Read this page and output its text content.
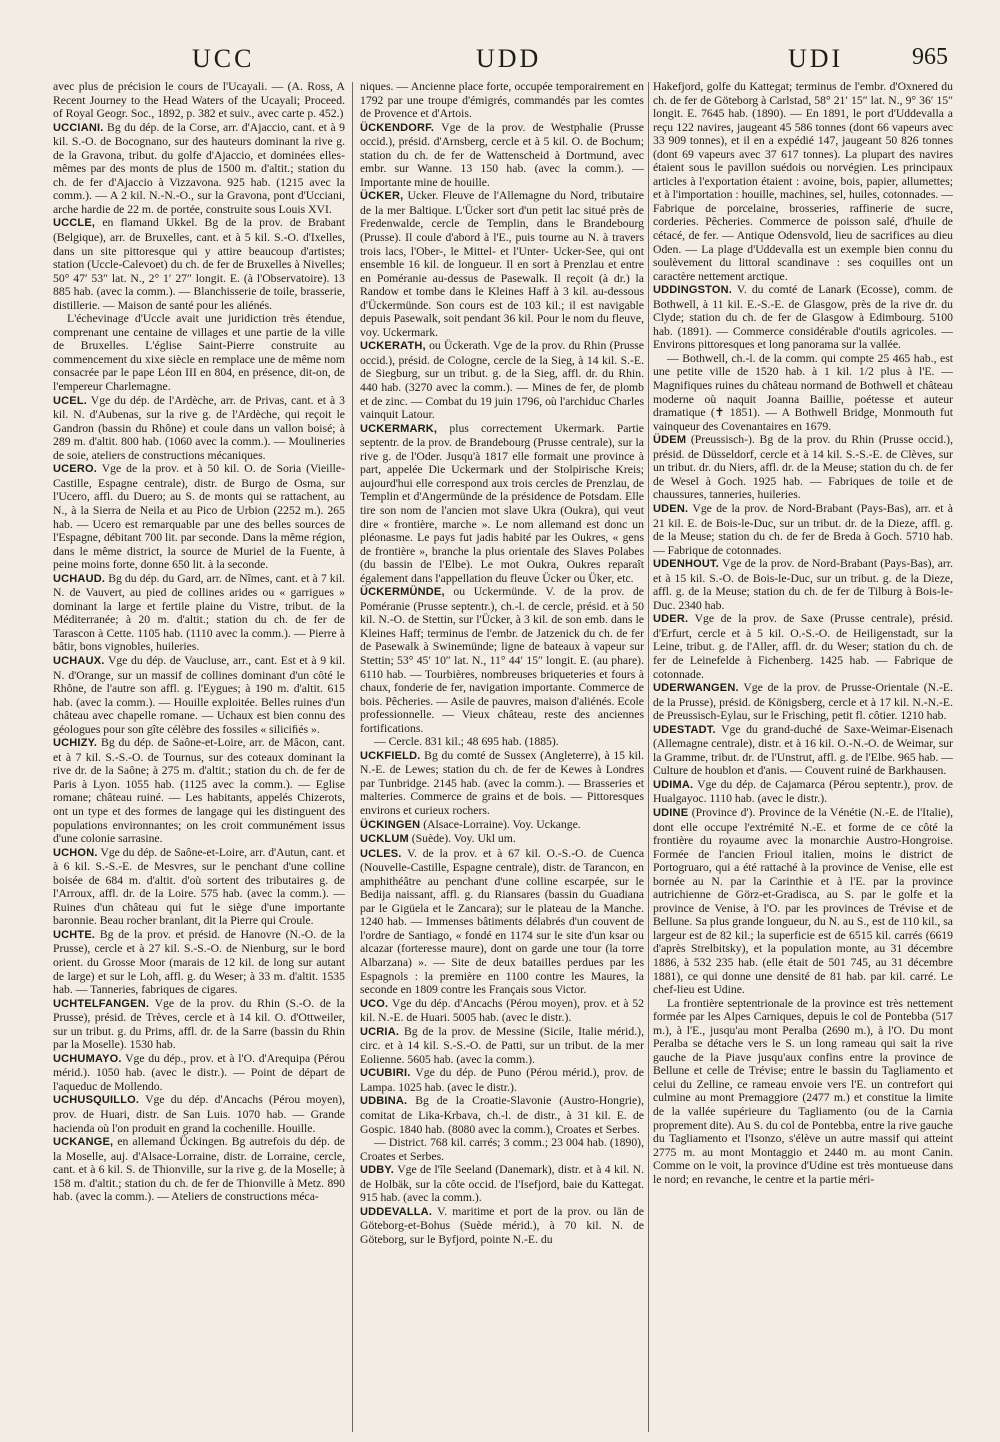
UCC	UDD	UDI	965

avec plus de précision le cours de l'Ucayali. — (A. Ross, A Recent Journey to the Head Waters of the Ucayali; Proceed. of Royal Geogr. Soc., 1892, p. 382 et suiv., avec carte p. 452.)

UCCIANI. Bg du dép. de la Corse, arr. d'Ajaccio, cant. et à 9 kil. S.-O. de Bocognano, sur des hauteurs dominant la rive g. de la Gravona, tribut. du golfe d'Ajaccio, et dominées elles-mêmes par des monts de plus de 1500 m. d'altit.; station du ch. de fer d'Ajaccio à Vizzavona. 925 hab. (1215 avec la comm.). — A 2 kil. N.-N.-O., sur la Gravona, pont d'Ucciani, arche hardie de 22 m. de portée, construite sous Louis XVI.

UCCLE, en flamand Ukkel. Bg de la prov. de Brabant (Belgique), arr. de Bruxelles, cant. et à 5 kil. S.-O. d'Ixelles, dans un site pittoresque qui y attire beaucoup d'artistes; station (Uccle-Calevoet) du ch. de fer de Bruxelles à Nivelles; 50° 47′ 53″ lat. N., 2° 1′ 27″ longit. E. (à l'Observatoire). 13 885 hab. (avec la comm.). — Blanchisserie de toile, brasserie, distillerie. — Maison de santé pour les aliénés.

L'échevinage d'Uccle avait une juridiction très étendue, comprenant une centaine de villages et une partie de la ville de Bruxelles. L'église Saint-Pierre construite au commencement du xixe siècle en remplace une de même nom consacrée par le pape Léon III en 804, en présence, dit-on, de l'empereur Charlemagne.

UCEL. Vge du dép. de l'Ardèche, arr. de Privas, cant. et à 3 kil. N. d'Aubenas, sur la rive g. de l'Ardèche, qui reçoit le Gandron (bassin du Rhône) et coule dans un vallon boisé; à 289 m. d'altit. 800 hab. (1060 avec la comm.). — Moulineries de soie, ateliers de constructions mécaniques.

UCERO. Vge de la prov. et à 50 kil. O. de Soria (Vieille-Castille, Espagne centrale), distr. de Burgo de Osma, sur l'Ucero, affl. du Duero; au S. de monts qui se rattachent, au N., à la Sierra de Neila et au Pico de Urbion (2252 m.). 265 hab. — Ucero est remarquable par une des belles sources de l'Espagne, débitant 700 lit. par seconde. Dans la même région, dans le même district, la source de Muriel de la Fuente, à peine moins forte, donne 650 lit. à la seconde.

UCHAUD. Bg du dép. du Gard, arr. de Nîmes, cant. et à 7 kil. N. de Vauvert, au pied de collines arides ou « garrigues » dominant la large et fertile plaine du Vistre, tribut. de la Méditerranée; à 20 m. d'altit.; station du ch. de fer de Tarascon à Cette. 1105 hab. (1110 avec la comm.). — Pierre à bâtir, bons vignobles, huileries.

UCHAUX. Vge du dép. de Vaucluse, arr., cant. Est et à 9 kil. N. d'Orange, sur un massif de collines dominant d'un côté le Rhône, de l'autre son affl. g. l'Eygues; à 190 m. d'altit. 615 hab. (avec la comm.). — Houille exploitée. Belles ruines d'un château avec chapelle romane. — Uchaux est bien connu des géologues pour son gîte célèbre des fossiles « siliciﬁés ».

UCHIZY. Bg du dép. de Saône-et-Loire, arr. de Mâcon, cant. et à 7 kil. S.-S.-O. de Tournus, sur des coteaux dominant la rive dr. de la Saône; à 275 m. d'altit.; station du ch. de fer de Paris à Lyon. 1055 hab. (1125 avec la comm.). — Eglise romane; château ruiné. — Les habitants, appelés Chizerots, ont un type et des formes de langage qui les distinguent des populations environnantes; on les croit communément issus d'une colonie sarrasine.

UCHON. Vge du dép. de Saône-et-Loire, arr. d'Autun, cant. et à 6 kil. S.-S.-E. de Mesvres, sur le penchant d'une colline boisée de 684 m. d'altit. d'où sortent des tributaires g. de l'Arroux, affl. dr. de la Loire. 575 hab. (avec la comm.). — Ruines d'un château qui fut le siège d'une importante baronnie. Beau rocher branlant, dit la Pierre qui Croule.

UCHTE. Bg de la prov. et présid. de Hanovre (N.-O. de la Prusse), cercle et à 27 kil. S.-S.-O. de Nienburg, sur le bord orient. du Grosse Moor (marais de 12 kil. de long sur autant de large) et sur le Loh, affl. g. du Weser; à 33 m. d'altit. 1535 hab. — Tanneries, fabriques de cigares.

UCHTELFANGEN. Vge de la prov. du Rhin (S.-O. de la Prusse), présid. de Trèves, cercle et à 14 kil. O. d'Ottweiler, sur un tribut. g. du Prims, affl. dr. de la Sarre (bassin du Rhin par la Moselle). 1530 hab.

UCHUMAYO. Vge du dép., prov. et à l'O. d'Arequipa (Pérou mérid.). 1050 hab. (avec le distr.). — Point de départ de l'aqueduc de Mollendo.

UCHUSQUILLO. Vge du dép. d'Ancachs (Pérou moyen), prov. de Huari, distr. de San Luis. 1070 hab. — Grande hacienda où l'on produit en grand la cochenille. Houille.

UCKANGE, en allemand Ückingen. Bg autrefois du dép. de la Moselle, auj. d'Alsace-Lorraine, distr. de Lorraine, cercle, cant. et à 6 kil. S. de Thionville, sur la rive g. de la Moselle; à 158 m. d'altit.; station du ch. de fer de Thionville à Metz. 890 hab. (avec la comm.). — Ateliers de constructions méca-

niques. — Ancienne place forte, occupée temporairement en 1792 par une troupe d'émigrés, commandés par les comtes de Provence et d'Artois.

ÜCKENDORF. Vge de la prov. de Westphalie (Prusse occid.), présid. d'Arnsberg, cercle et à 5 kil. O. de Bochum; station du ch. de fer de Wattenscheid à Dortmund, avec embr. sur Wanne. 13 150 hab. (avec la comm.). — Importante mine de houille.

ÜCKER, Ucker. Fleuve de l'Allemagne du Nord, tributaire de la mer Baltique. L'Ücker sort d'un petit lac situé près de Fredenwalde, cercle de Templin, dans le Brandebourg (Prusse). Il coule d'abord à l'E., puis tourne au N. à travers trois lacs, l'Ober-, le Mittel- et l'Unter- Ucker-See, qui ont ensemble 16 kil. de longueur. Il en sort à Prenzlau et entre en Poméranie au-dessus de Pasewalk. Il reçoit (à dr.) la Randow et tombe dans le Kleines Haff à 3 kil. au-dessous d'Ückermünde. Son cours est de 103 kil.; il est navigable depuis Pasewalk, soit pendant 36 kil. Pour le nom du fleuve, voy. Uckermark.

UCKERATH, ou Ückerath. Vge de la prov. du Rhin (Prusse occid.), présid. de Cologne, cercle de la Sieg, à 14 kil. S.-E. de Siegburg, sur un tribut. g. de la Sieg, affl. dr. du Rhin. 440 hab. (3270 avec la comm.). — Mines de fer, de plomb et de zinc. — Combat du 19 juin 1796, où l'archiduc Charles vainquit Latour.

UCKERMARK, plus correctement Ukermark. Partie septentr. de la prov. de Brandebourg (Prusse centrale), sur la rive g. de l'Oder. Jusqu'à 1817 elle formait une province à part, appelée Die Uckermark und der Stolpirische Kreis; aujourd'hui elle correspond aux trois cercles de Prenzlau, de Templin et d'Angermünde de la présidence de Potsdam. Elle tire son nom de l'ancien mot slave Ukra (Oukra), qui veut dire « frontière, marche ». Le nom allemand est donc un pléonasme. Le pays fut jadis habité par les Oukres, « gens de frontière », branche la plus orientale des Slaves Polabes (du bassin de l'Elbe). Le mot Oukra, Oukres reparaît également dans l'appellation du fleuve Ücker ou Üker, etc.

ÜCKERMÜNDE, ou Uckermünde. V. de la prov. de Poméranie (Prusse septentr.), ch.-l. de cercle, présid. et à 50 kil. N.-O. de Stettin, sur l'Ücker, à 3 kil. de son emb. dans le Kleines Haff; terminus de l'embr. de Jatzenick du ch. de fer de Pasewalk à Swinemünde; ligne de bateaux à vapeur sur Stettin; 53° 45′ 10″ lat. N., 11° 44′ 15″ longit. E. (au phare). 6110 hab. — Tourbières, nombreuses briqueteries et fours à chaux, fonderie de fer, navigation importante. Commerce de bois. Pêcheries. — Asile de pauvres, maison d'aliénés. Ecole professionnelle. — Vieux château, reste des anciennes fortifications.

— Cercle. 831 kil.; 48 695 hab. (1885).

UCKFIELD. Bg du comté de Sussex (Angleterre), à 15 kil. N.-E. de Lewes; station du ch. de fer de Kewes à Londres par Tunbridge. 2145 hab. (avec la comm.). — Brasseries et malteries. Commerce de grains et de bois. — Pittoresques environs et curieux rochers.

ÜCKINGEN (Alsace-Lorraine). Voy. Uckange.

UCKLUM (Suède). Voy. Ukl um.

UCLES. V. de la prov. et à 67 kil. O.-S.-O. de Cuenca (Nouvelle-Castille, Espagne centrale), distr. de Tarancon, en amphithéâtre au penchant d'une colline escarpée, sur le Bedija naissant, affl. g. du Riansares (bassin du Guadiana par le Gigüela et le Zancara); sur le plateau de la Manche. 1240 hab. — Immenses bâtiments délabrés d'un couvent de l'ordre de Santiago, « fondé en 1174 sur le site d'un ksar ou alcazar (forteresse maure), dont on garde une tour (la torre Albarzana) ». — Site de deux batailles perdues par les Espagnols : la première en 1100 contre les Maures, la seconde en 1809 contre les Français sous Victor.

UCO. Vge du dép. d'Ancachs (Pérou moyen), prov. et à 52 kil. N.-E. de Huari. 5005 hab. (avec le distr.).

UCRIA. Bg de la prov. de Messine (Sicile, Italie mérid.), circ. et à 14 kil. S.-S.-O. de Patti, sur un tribut. de la mer Eolienne. 5605 hab. (avec la comm.).

UCUBIRI. Vge du dép. de Puno (Pérou mérid.), prov. de Lampa. 1025 hab. (avec le distr.).

UDBINA. Bg de la Croatie-Slavonie (Austro-Hongrie), comitat de Lika-Krbava, ch.-l. de distr., à 31 kil. E. de Gospic. 1840 hab. (8080 avec la comm.), Croates et Serbes.

— District. 768 kil. carrés; 3 comm.; 23 004 hab. (1890), Croates et Serbes.

UDBY. Vge de l'île Seeland (Danemark), distr. et à 4 kil. N. de Holbäk, sur la côte occid. de l'Isefjord, baie du Kattegat. 915 hab. (avec la comm.).

UDDEVALLA. V. maritime et port de la prov. ou län de Göteborg-et-Bohus (Suède mérid.), à 70 kil. N. de Göteborg, sur le Byfjord, pointe N.-E. du

Hakefjord, golfe du Kattegat; terminus de l'embr. d'Oxnered du ch. de fer de Göteborg à Carlstad, 58° 21′ 15″ lat. N., 9° 36′ 15″ longit. E. 7645 hab. (1890). — En 1891, le port d'Uddevalla a reçu 122 navires, jaugeant 45 586 tonnes (dont 66 vapeurs avec 33 909 tonnes), et il en a expédié 147, jaugeant 50 826 tonnes (dont 69 vapeurs avec 37 617 tonnes). La plupart des navires étaient sous le pavillon suédois ou norvégien. Les principaux articles à l'exportation étaient : avoine, bois, papier, allumettes; et à l'importation : houille, machines, sel, huiles, cotonnades. — Fabrique de porcelaine, brosseries, raffinerie de sucre, corderies. Pêcheries. Commerce de poisson salé, d'huile de cétacé, de fer. — Antique Odensvold, lieu de sacrifices au dieu Oden. — La plage d'Uddevalla est un exemple bien connu du soulèvement du littoral scandinave : ses coquilles ont un caractère nettement arctique.

UDDINGSTON. V. du comté de Lanark (Ecosse), comm. de Bothwell, à 11 kil. E.-S.-E. de Glasgow, près de la rive dr. du Clyde; station du ch. de fer de Glasgow à Edimbourg. 5100 hab. (1891). — Commerce considérable d'outils agricoles. — Environs pittoresques et long panorama sur la vallée.

— Bothwell, ch.-l. de la comm. qui compte 25 465 hab., est une petite ville de 1520 hab. à 1 kil. 1/2 plus à l'E. — Magnifiques ruines du château normand de Bothwell et château moderne où naquit Joanna Baillie, poétesse et auteur dramatique (✝ 1851). — A Bothwell Bridge, Monmouth fut vainqueur des Covenantaires en 1679.

ÜDEM (Preussisch-). Bg de la prov. du Rhin (Prusse occid.), présid. de Düsseldorf, cercle et à 14 kil. S.-S.-E. de Clèves, sur un tribut. dr. du Niers, affl. dr. de la Meuse; station du ch. de fer de Wesel à Goch. 1925 hab. — Fabriques de toile et de chaussures, tanneries, huileries.

UDEN. Vge de la prov. de Nord-Brabant (Pays-Bas), arr. et à 21 kil. E. de Bois-le-Duc, sur un tribut. dr. de la Dieze, affl. g. de la Meuse; station du ch. de fer de Breda à Goch. 5710 hab. — Fabrique de cotonnades.

UDENHOUT. Vge de la prov. de Nord-Brabant (Pays-Bas), arr. et à 15 kil. S.-O. de Bois-le-Duc, sur un tribut. g. de la Dieze, affl. g. de la Meuse; station du ch. de fer de Tilburg à Bois-le-Duc. 2340 hab.

UDER. Vge de la prov. de Saxe (Prusse centrale), présid. d'Erfurt, cercle et à 5 kil. O.-S.-O. de Heiligenstadt, sur la Leine, tribut. g. de l'Aller, affl. dr. du Weser; station du ch. de fer de Leinefelde à Fichenberg. 1425 hab. — Fabrique de cotonnade.

UDERWANGEN. Vge de la prov. de Prusse-Orientale (N.-E. de la Prusse), présid. de Königsberg, cercle et à 17 kil. N.-N.-E. de Preussisch-Eylau, sur le Frisching, petit fl. côtier. 1210 hab.

UDESTADT. Vge du grand-duché de Saxe-Weimar-Eisenach (Allemagne centrale), distr. et à 16 kil. O.-N.-O. de Weimar, sur la Gramme, tribut. dr. de l'Unstrut, affl. g. de l'Elbe. 965 hab. — Culture de houblon et d'anis. — Couvent ruiné de Barkhausen.

UDIMA. Vge du dép. de Cajamarca (Pérou septentr.), prov. de Hualgayoc. 1110 hab. (avec le distr.).

UDINE (Province d'). Province de la Vénétie (N.-E. de l'Italie), dont elle occupe l'extrémité N.-E. et forme de ce côté la frontière du royaume avec la monarchie Austro-Hongroise. Formée de l'ancien Frioul italien, moins le district de Portogruaro, qui a été rattaché à la province de Venise, elle est bornée au N. par la Carinthie et à l'E. par la province autrichienne de Görz-et-Gradisca, au S. par le golfe et la province de Venise, à l'O. par les provinces de Trévise et de Bellune. Sa plus grande longueur, du N. au S., est de 110 kil., sa largeur est de 82 kil.; la superficie est de 6515 kil. carrés (6619 d'après Strelbitsky), et la population monte, au 31 décembre 1886, à 532 235 hab. (elle était de 501 745, au 31 décembre 1881), ce qui donne une densité de 81 hab. par kil. carré. Le chef-lieu est Udine.

La frontière septentrionale de la province est très nettement formée par les Alpes Carniques, depuis le col de Pontebba (517 m.), à l'E., jusqu'au mont Peralba (2690 m.), à l'O. Du mont Peralba se détache vers le S. un long rameau qui sait la rive gauche de la Piave jusqu'aux confins entre la province de Bellune et celle de Trévise; entre le bassin du Tagliamento et celui du Zelline, ce rameau envoie vers l'E. un contrefort qui culmine au mont Premaggiore (2477 m.) et constitue la limite de la vallée supérieure du Tagliamento (ou de la Carnia proprement dite). Au S. du col de Pontebba, entre la rive gauche du Tagliamento et l'Isonzo, s'élève un autre massif qui atteint 2775 m. au mont Montaggio et 2440 m. au mont Canin. Comme on le voit, la province d'Udine est très montueuse dans le nord; en revanche, le centre et la partie méri-
